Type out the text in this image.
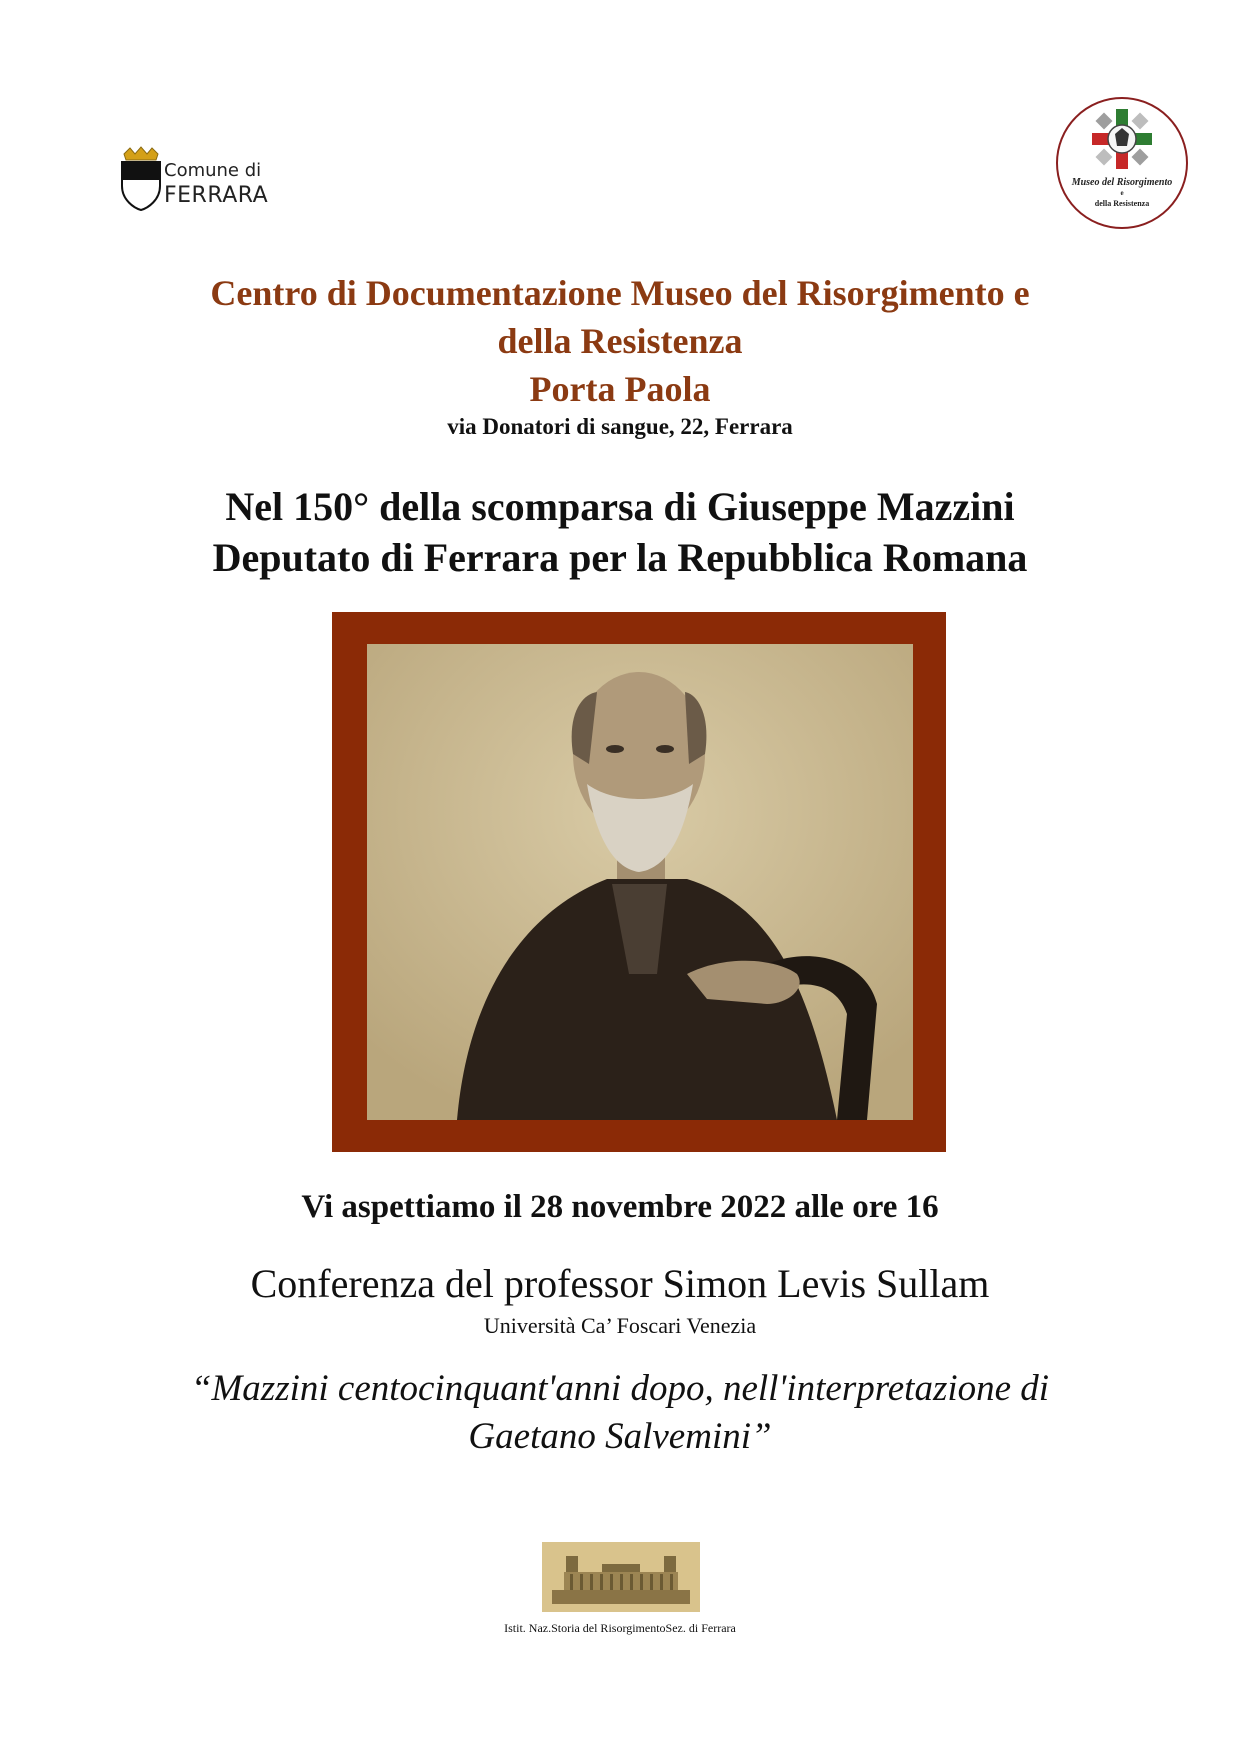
Comune di
FERRARA
Museo del Risorgimento
e
della Resistenza
Centro di Documentazione Museo del Risorgimento e
della Resistenza
Porta Paola
via Donatori di sangue, 22, Ferrara
Nel 150° della scomparsa di Giuseppe Mazzini
Deputato di Ferrara per la Repubblica Romana
Vi aspettiamo il 28 novembre 2022 alle ore 16
Conferenza del professor Simon Levis Sullam
Università Ca’ Foscari Venezia
“Mazzini centocinquant'anni dopo, nell'interpretazione di
Gaetano Salvemini”
Istit. Naz.Storia del RisorgimentoSez. di Ferrara
